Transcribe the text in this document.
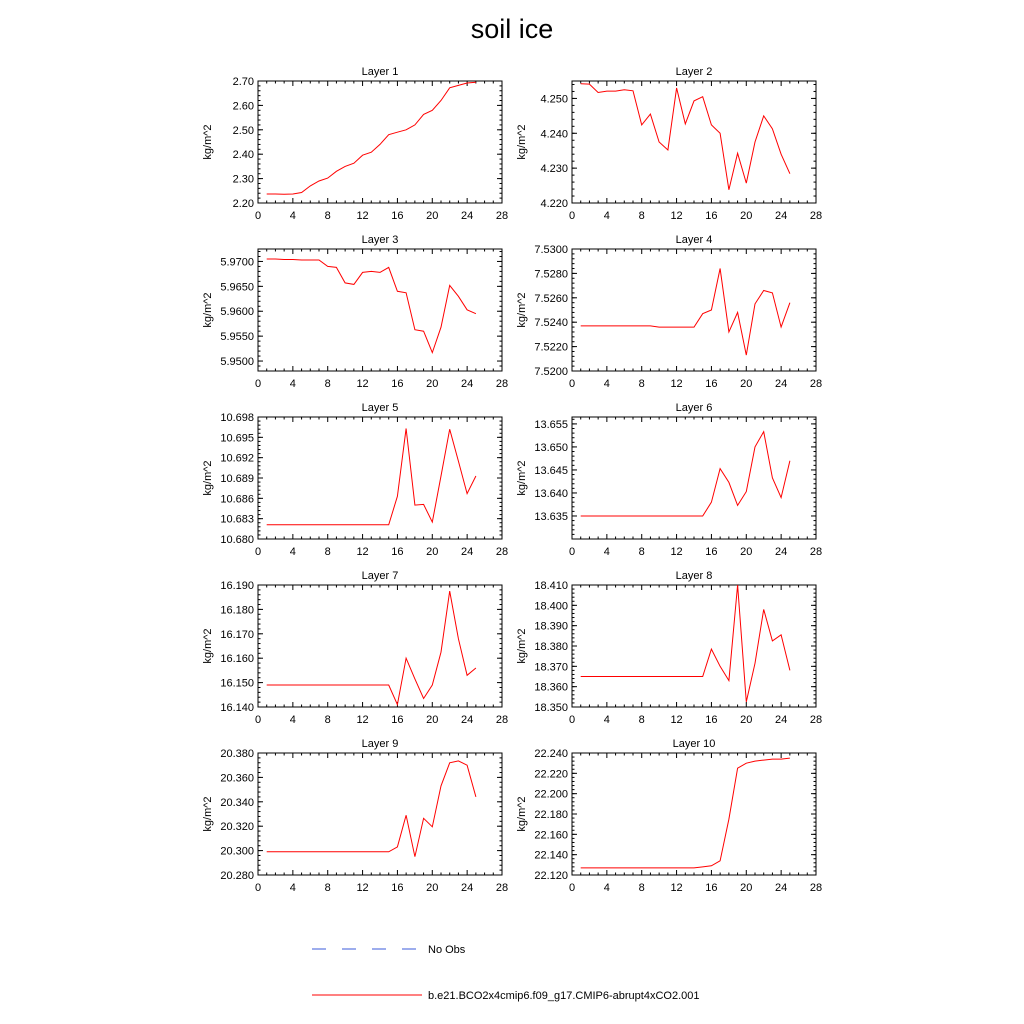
soil ice
Layer 1
kg/m^2
0	4	8 12 16 20 24 28
2.20
2.30
2.40
2.50
2.60
2.70
Layer 2
kg/m^2
0	4	8 12 16 20 24 28
4.220
4.230
4.240
4.250
Layer 3
kg/m^2
0	4	8 12 16 20 24 28
5.9500
5.9550
5.9600
5.9650
5.9700
Layer 4
kg/m^2
0	4	8 12 16 20 24 28
7.5200
7.5220
7.5240
7.5260
7.5280
7.5300
Layer 5
kg/m^2
0	4	8 12 16 20 24 28
10.680
10.683
10.686
10.689
10.692
10.695
10.698
Layer 6
kg/m^2
0	4	8 12 16 20 24 28
13.635
13.640
13.645
13.650
13.655
Layer 7
kg/m^2
0	4	8 12 16 20 24 28
16.140
16.150
16.160
16.170
16.180
16.190
Layer 8
kg/m^2
0	4	8 12 16 20 24 28
18.350
18.360
18.370
18.380
18.390
18.400
18.410
Layer 9
kg/m^2
0	4	8 12 16 20 24 28
20.280
20.300
20.320
20.340
20.360
20.380
Layer 10
kg/m^2
0	4	8 12 16 20 24 28
22.120
22.140
22.160
22.180
22.200
22.220
22.240
No Obs
b.e21.BCO2x4cmip6.f09_g17.CMIP6-abrupt4xCO2.001
